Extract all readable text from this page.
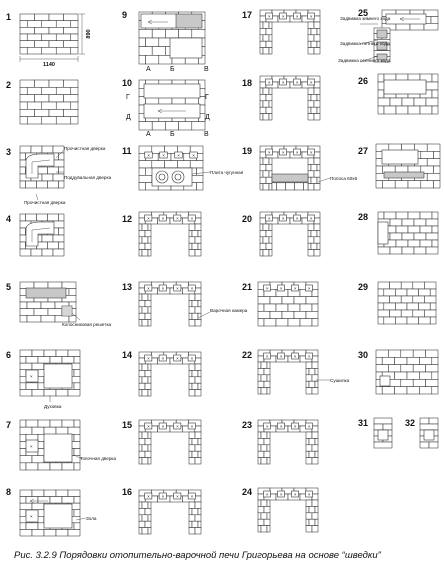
×
×
×
×	×	×	×
×	×	×	×
×	×	×	×
×	×	×	×
×	×	×	×
×	×	×	×
× × × ×
× × × ×
× × × ×
× × × ×
× × × ×
× × × ×
× × × ×
× × × ×
1
2
3
4
5
6
7
8
9
10
11
12
13
14
15
16
17
18
19
20
21
22
23
24
25
26
27
28
29
30
31	32
1140
890
Прочистная дверка
Поддувальная дверка
Прочистная дверка
Колосниковая решетка
Духовка
Топочная дверка
Зола
Плита чугунная
Варочная камера
Сушилка
Полоса 60х6
Задвижка зимнего хода
Задвижка летнего хода
Задвижка осеннего хода
A	Б	B
Г	Г
Д	Д
A	Б	B
Рис. 3.2.9 Порядовки отопительно-варочной печи Григорьева на основе “шведки”
